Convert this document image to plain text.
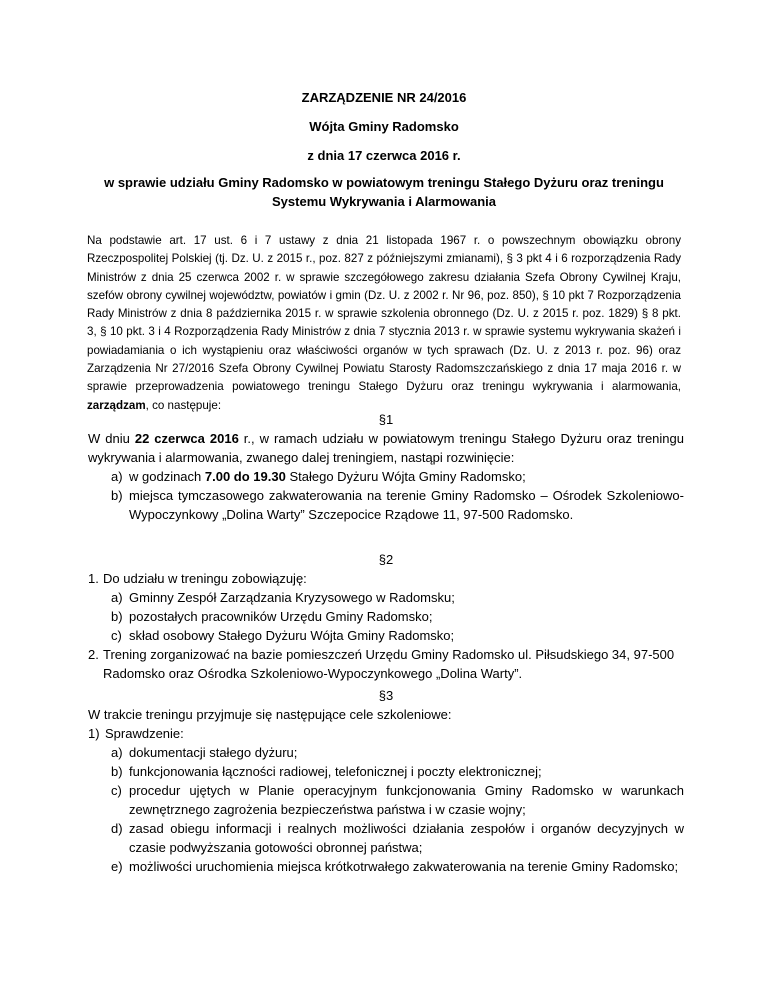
ZARZĄDZENIE NR 24/2016
Wójta Gminy Radomsko
z dnia 17 czerwca 2016 r.
w sprawie udziału Gminy Radomsko w powiatowym treningu Stałego Dyżuru oraz treningu
Systemu Wykrywania i Alarmowania
Na podstawie art. 17 ust. 6 i 7 ustawy z dnia 21 listopada 1967 r. o powszechnym obowiązku obrony Rzeczpospolitej Polskiej (tj. Dz. U. z 2015 r., poz. 827 z późniejszymi zmianami), § 3 pkt 4 i 6 rozporządzenia Rady Ministrów z dnia 25 czerwca 2002 r. w sprawie szczegółowego zakresu działania Szefa Obrony Cywilnej Kraju, szefów obrony cywilnej województw, powiatów i gmin (Dz. U. z 2002 r. Nr 96, poz. 850), § 10 pkt 7 Rozporządzenia Rady Ministrów z dnia 8 października 2015 r. w sprawie szkolenia obronnego (Dz. U. z 2015 r. poz. 1829) § 8 pkt. 3, § 10 pkt. 3 i 4 Rozporządzenia Rady Ministrów z dnia 7 stycznia 2013 r. w sprawie systemu wykrywania skażeń i powiadamiania o ich wystąpieniu oraz właściwości organów w tych sprawach (Dz. U. z 2013 r. poz. 96) oraz Zarządzenia Nr 27/2016 Szefa Obrony Cywilnej Powiatu Starosty Radomszczańskiego z dnia 17 maja 2016 r. w sprawie przeprowadzenia powiatowego treningu Stałego Dyżuru oraz treningu wykrywania i alarmowania, zarządzam, co następuje:
§1
W dniu 22 czerwca 2016 r., w ramach udziału w powiatowym treningu Stałego Dyżuru oraz treningu wykrywania i alarmowania, zwanego dalej treningiem, nastąpi rozwinięcie:
a) w godzinach 7.00 do 19.30 Stałego Dyżuru Wójta Gminy Radomsko;
b) miejsca tymczasowego zakwaterowania na terenie Gminy Radomsko – Ośrodek Szkoleniowo-Wypoczynkowy „Dolina Warty” Szczepocice Rządowe 11, 97-500 Radomsko.
§2
1. Do udziału w treningu zobowiązuję:
a) Gminny Zespół Zarządzania Kryzysowego w Radomsku;
b) pozostałych pracowników Urzędu Gminy Radomsko;
c) skład osobowy Stałego Dyżuru Wójta Gminy Radomsko;
2. Trening zorganizować na bazie pomieszczeń Urzędu Gminy Radomsko ul. Piłsudskiego 34, 97-500 Radomsko oraz Ośrodka Szkoleniowo-Wypoczynkowego „Dolina Warty”.
§3
W trakcie treningu przyjmuje się następujące cele szkoleniowe:
1) Sprawdzenie:
a) dokumentacji stałego dyżuru;
b) funkcjonowania łączności radiowej, telefonicznej i poczty elektronicznej;
c) procedur ujętych w Planie operacyjnym funkcjonowania Gminy Radomsko w warunkach zewnętrznego zagrożenia bezpieczeństwa państwa i w czasie wojny;
d) zasad obiegu informacji i realnych możliwości działania zespołów i organów decyzyjnych w czasie podwyższania gotowości obronnej państwa;
e) możliwości uruchomienia miejsca krótkotrwałego zakwaterowania na terenie Gminy Radomsko;
